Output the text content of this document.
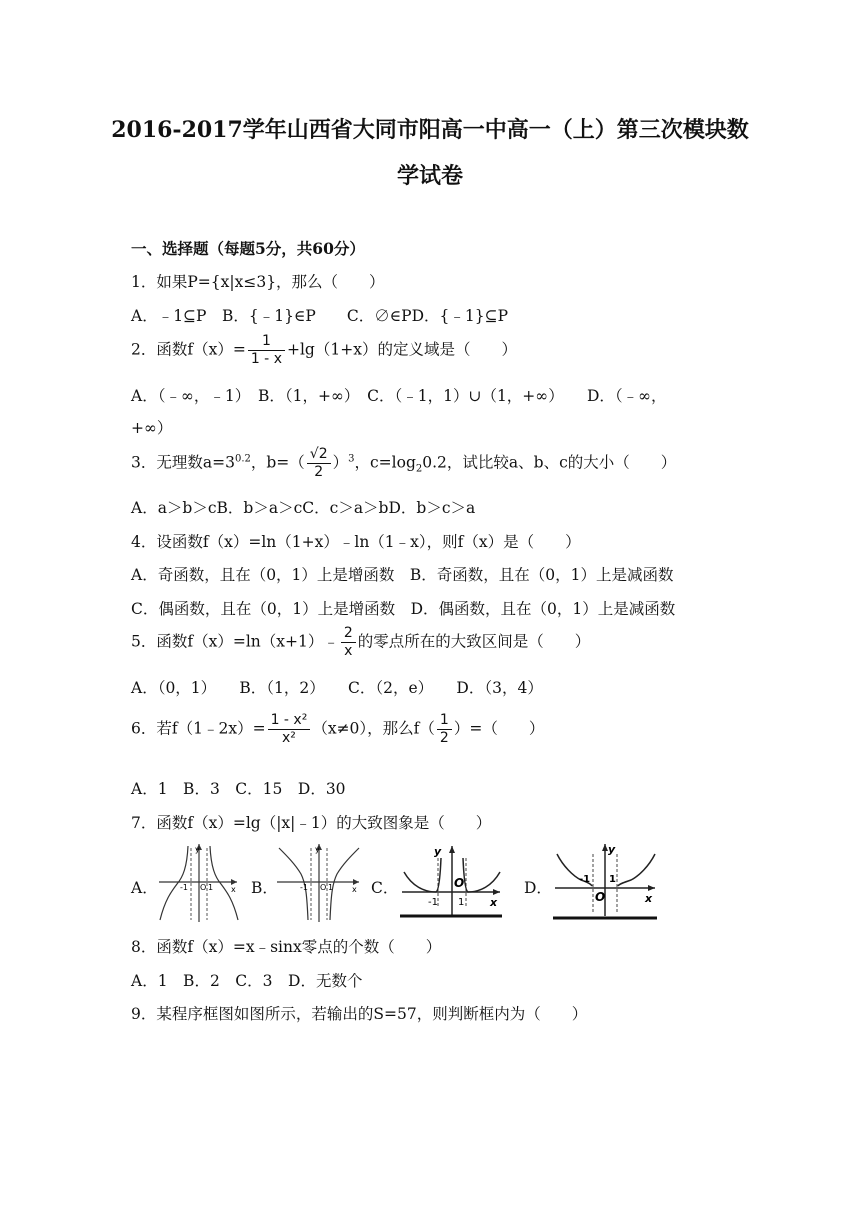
2016-2017学年山西省大同市阳高一中高一（上）第三次模块数
学试卷
一、选择题（每题5分，共60分）
1．如果P={x|x≤3}，那么（　　）
A．﹣1⊆P　B．{﹣1}∈P　　C．∅∈PD．{﹣1}⊆P
2．函数$f(x)= \frac{1}{1 - x} +\lg(1+x)$的定义域是（　　）
A．（﹣∞，﹣1）　B．（1，+∞）　C．（﹣1，1）∪（1，+∞）　　D．（﹣∞，
+∞）
3．无理数$a=3^{0.2}$，$b=( \frac{√2}{2} )^3$，$c=\log_20.2$，试比较a、b、c的大小（　　）
A．a＞b＞cB．b＞a＞cC．c＞a＞bD．b＞c＞a
4．设函数f（x）=ln（1+x）﹣ln（1﹣x），则f（x）是（　　）
A．奇函数，且在（0，1）上是增函数　B．奇函数，且在（0，1）上是减函数
C．偶函数，且在（0，1）上是增函数　D．偶函数，且在（0，1）上是减函数
5．函数f（x）=ln（x+1）﹣ $\frac{2}{x}$ 的零点所在的大致区间是（　　）
A．（0，1）　　B．（1，2）　　C．（2，e）　　D．（3，4）
6．若f（1﹣2x）= $\frac{\text{1 - x²}}{\text{x²}} (x\ne 0)$，那么$f( \frac{1}{2}$ ）=（　　）
A．1　B．3　C．15　D．30
7．函数f（x）=lg（|x|﹣1）的大致图象是（　　）
A．
y
x
-1 O 1 B．
y
x
-1 O 1 C．
y
x
-1
O
1
D．
y
x
-1
O
1
8．函数f（x）=x﹣sinx零点的个数（　　）
A．1　B．2　C．3　D．无数个
9．某程序框图如图所示，若输出的S=57，则判断框内为（　　）
